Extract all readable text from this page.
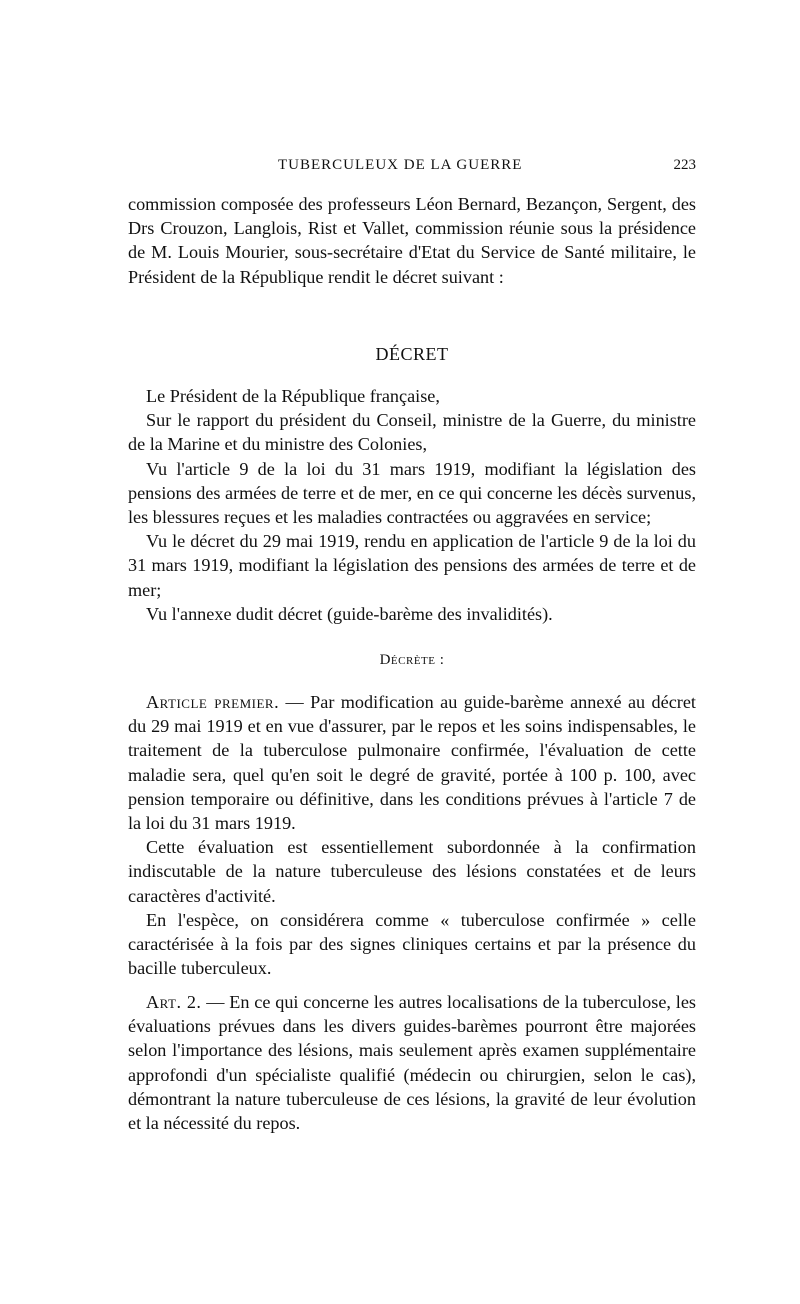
TUBERCULEUX DE LA GUERRE	223

commission composée des professeurs Léon Bernard, Bezançon, Sergent, des Drs Crouzon, Langlois, Rist et Vallet, commission réunie sous la présidence de M. Louis Mourier, sous-secrétaire d'Etat du Service de Santé militaire, le Président de la République rendit le décret suivant :

DÉCRET

Le Président de la République française,

Sur le rapport du président du Conseil, ministre de la Guerre, du ministre de la Marine et du ministre des Colonies,

Vu l'article 9 de la loi du 31 mars 1919, modifiant la législation des pensions des armées de terre et de mer, en ce qui concerne les décès survenus, les blessures reçues et les maladies contractées ou aggravées en service;

Vu le décret du 29 mai 1919, rendu en application de l'article 9 de la loi du 31 mars 1919, modifiant la législation des pensions des armées de terre et de mer;

Vu l'annexe dudit décret (guide-barème des invalidités).

Décrète :

Article premier. — Par modification au guide-barème annexé au décret du 29 mai 1919 et en vue d'assurer, par le repos et les soins indispensables, le traitement de la tuberculose pulmonaire confirmée, l'évaluation de cette maladie sera, quel qu'en soit le degré de gravité, portée à 100 p. 100, avec pension temporaire ou définitive, dans les conditions prévues à l'article 7 de la loi du 31 mars 1919.

Cette évaluation est essentiellement subordonnée à la confirmation indiscutable de la nature tuberculeuse des lésions constatées et de leurs caractères d'activité.

En l'espèce, on considérera comme « tuberculose confirmée » celle caractérisée à la fois par des signes cliniques certains et par la présence du bacille tuberculeux.

Art. 2. — En ce qui concerne les autres localisations de la tuberculose, les évaluations prévues dans les divers guides-barèmes pourront être majorées selon l'importance des lésions, mais seulement après examen supplémentaire approfondi d'un spécialiste qualifié (médecin ou chirurgien, selon le cas), démontrant la nature tuberculeuse de ces lésions, la gravité de leur évolution et la nécessité du repos.
